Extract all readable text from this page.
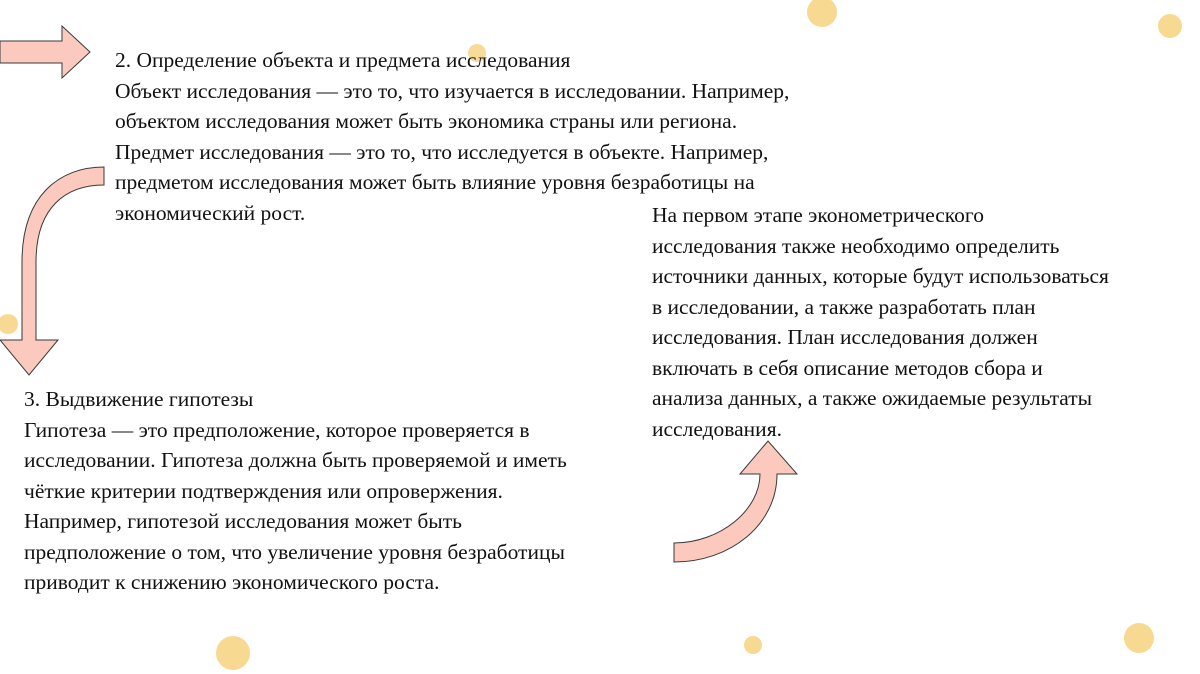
2. Определение объекта и предмета исследования
Объект исследования — это то, что изучается в исследовании. Например,
объектом исследования может быть экономика страны или региона.
Предмет исследования — это то, что исследуется в объекте. Например,
предметом исследования может быть влияние уровня безработицы на
экономический рост.	На первом этапе эконометрического
исследования также необходимо определить
источники данных, которые будут использоваться
в исследовании, а также разработать план
исследования. План исследования должен
включать в себя описание методов сбора и
анализа данных, а также ожидаемые результаты
исследования.
3. Выдвижение гипотезы
Гипотеза — это предположение, которое проверяется в
исследовании. Гипотеза должна быть проверяемой и иметь
чёткие критерии подтверждения или опровержения.
Например, гипотезой исследования может быть
предположение о том, что увеличение уровня безработицы
приводит к снижению экономического роста.
